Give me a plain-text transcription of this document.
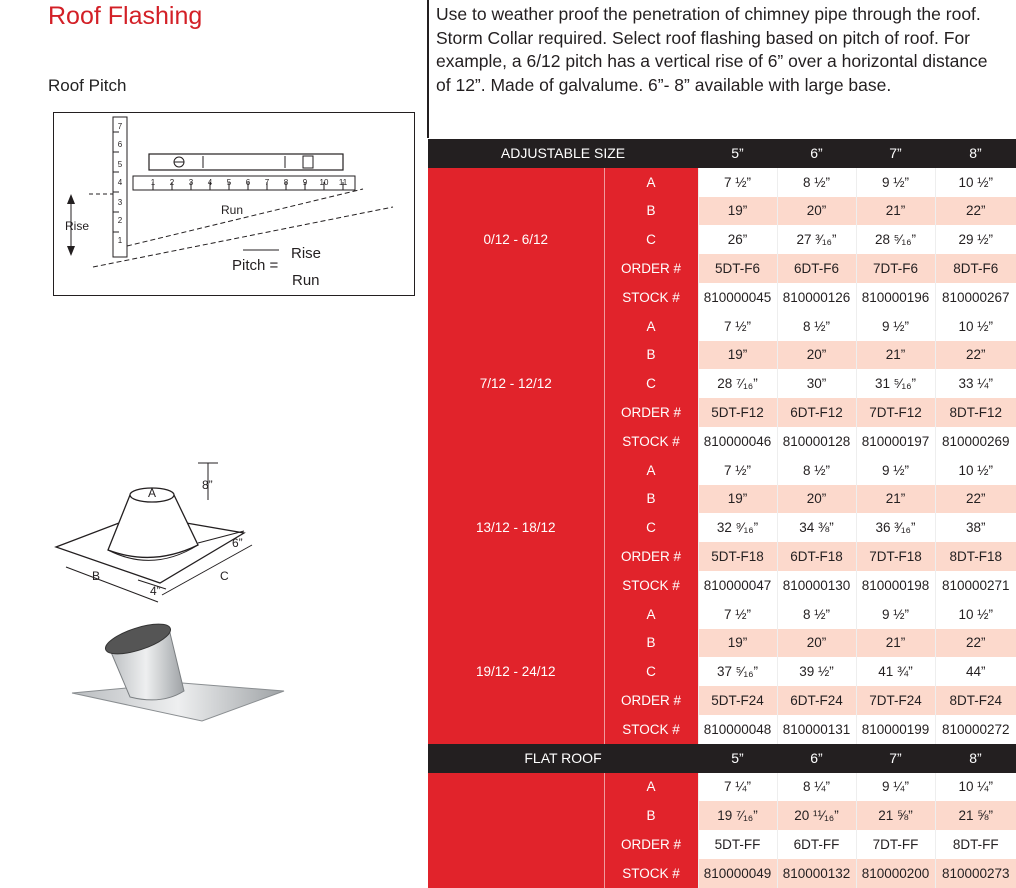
Roof Flashing
Roof Pitch
Use to weather proof the penetration of chimney pipe through the roof. Storm Collar required. Select roof flashing based on pitch of roof. For example, a 6/12 pitch has a vertical rise of 6” over a horizontal distance of 12”. Made of galvalume. 6”- 8” available with large base.
7
6
5
4
3
2
1
1 2 3 4 5 6 7 8 9 10 11
Run
Rise
Pitch =
Rise
Run
A
8”
6”
B	C
4”
ADJUSTABLE SIZE		5”	6”	7”	8”
0/12 - 6/12	A	7 ½”	8 ½”	9 ½”	10 ½”
	B	19”	20”	21”	22”
	C	26”	27 ³⁄₁₆”	28 ⁵⁄₁₆”	29 ½”
	ORDER #	5DT-F6	6DT-F6	7DT-F6	8DT-F6
	STOCK #	810000045	810000126	810000196	810000267
7/12 - 12/12	A	7 ½”	8 ½”	9 ½”	10 ½”
	B	19”	20”	21”	22”
	C	28 ⁷⁄₁₆”	30”	31 ⁵⁄₁₆”	33 ¼”
	ORDER #	5DT-F12	6DT-F12	7DT-F12	8DT-F12
	STOCK #	810000046	810000128	810000197	810000269
13/12 - 18/12	A	7 ½”	8 ½”	9 ½”	10 ½”
	B	19”	20”	21”	22”
	C	32 ⁹⁄₁₆”	34 ⅜”	36 ³⁄₁₆”	38”
	ORDER #	5DT-F18	6DT-F18	7DT-F18	8DT-F18
	STOCK #	810000047	810000130	810000198	810000271
19/12 - 24/12	A	7 ½”	8 ½”	9 ½”	10 ½”
	B	19”	20”	21”	22”
	C	37 ⁵⁄₁₆”	39 ½”	41 ¾”	44”
	ORDER #	5DT-F24	6DT-F24	7DT-F24	8DT-F24
	STOCK #	810000048	810000131	810000199	810000272
FLAT ROOF		5”	6”	7”	8”
	A	7 ¼”	8 ¼”	9 ¼”	10 ¼”
	B	19 ⁷⁄₁₆”	20 ¹¹⁄₁₆”	21 ⅝”	21 ⅝”
	ORDER #	5DT-FF	6DT-FF	7DT-FF	8DT-FF
	STOCK #	810000049	810000132	810000200	810000273
